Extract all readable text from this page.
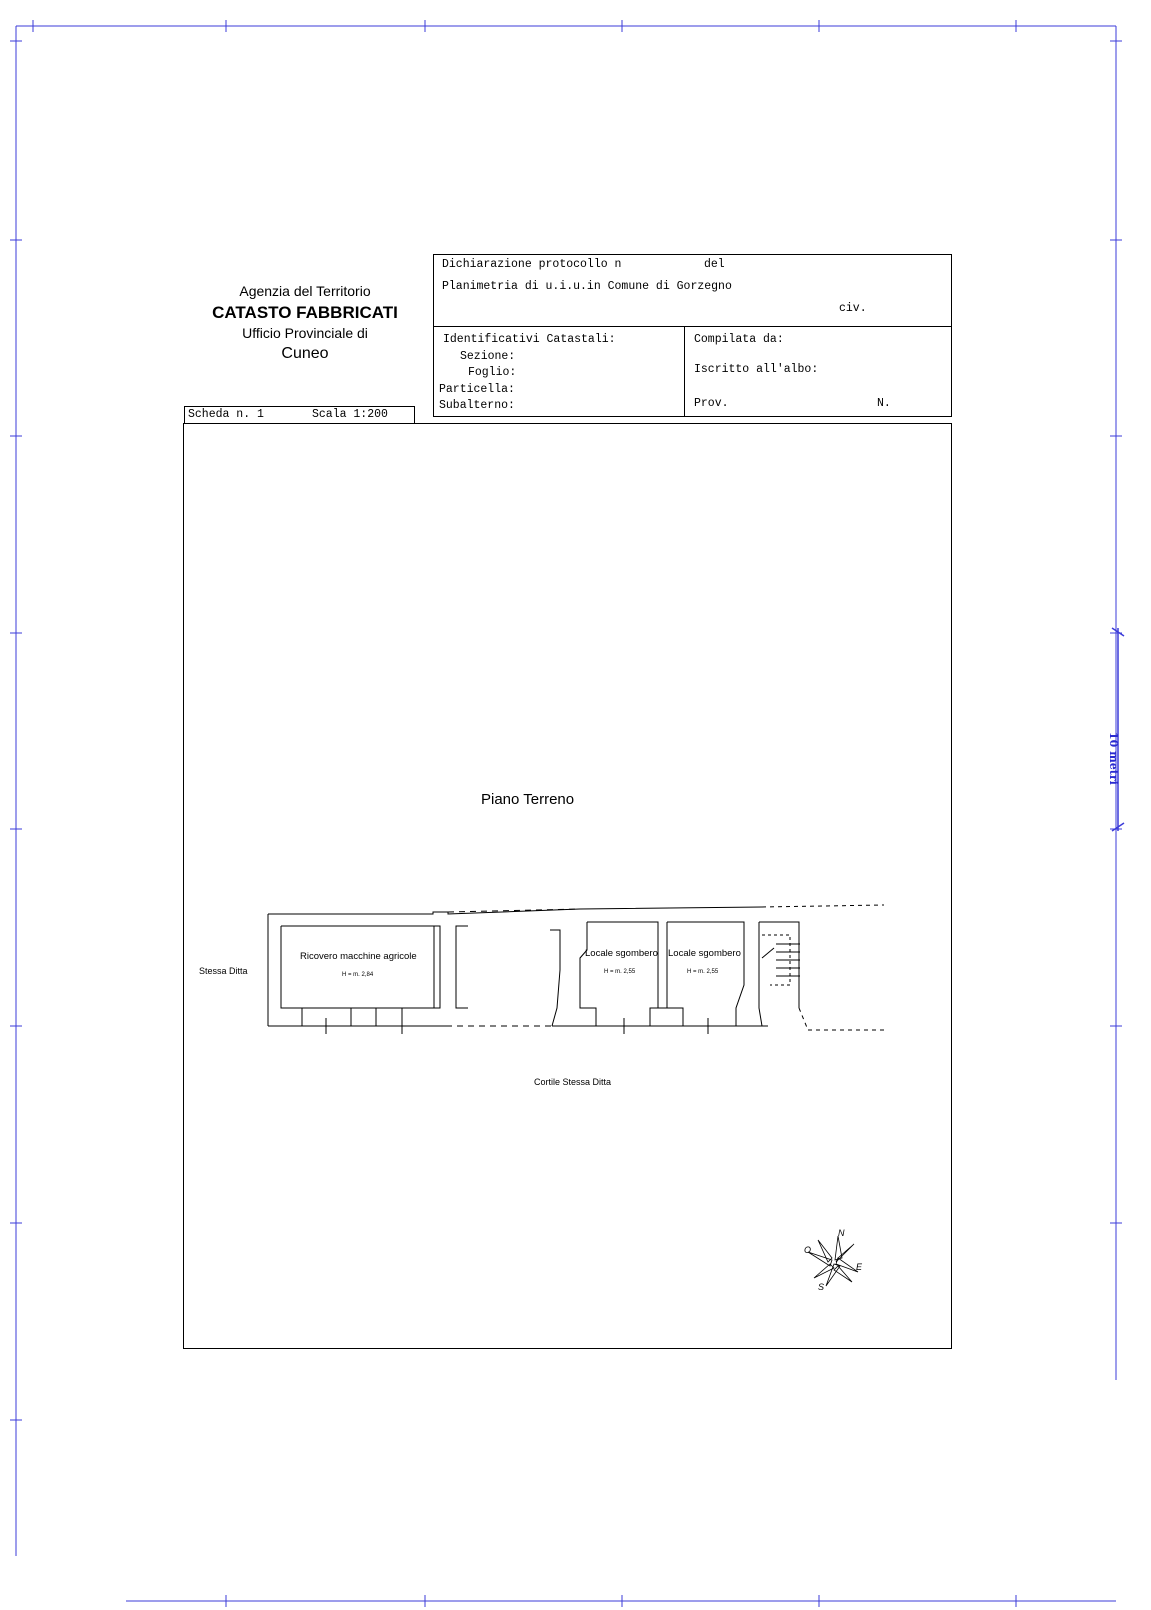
10 metri
Agenzia del Territorio
CATASTO FABBRICATI
Ufficio Provinciale di
Cuneo
Dichiarazione protocollo n	del
Planimetria di u.i.u.in Comune di Gorzegno
civ.
Identificativi Catastali:
Sezione:
Foglio:
Particella:
Subalterno:
Compilata da:
Iscritto all'albo:
Prov.	N.
Scheda n. 1	Scala 1:200
Piano Terreno
Stessa Ditta
Cortile Stessa Ditta
Ricovero macchine agricole
H = m. 2,84
Locale sgombero
H = m. 2,55
Locale sgombero
H = m. 2,55
N
E
S
O
